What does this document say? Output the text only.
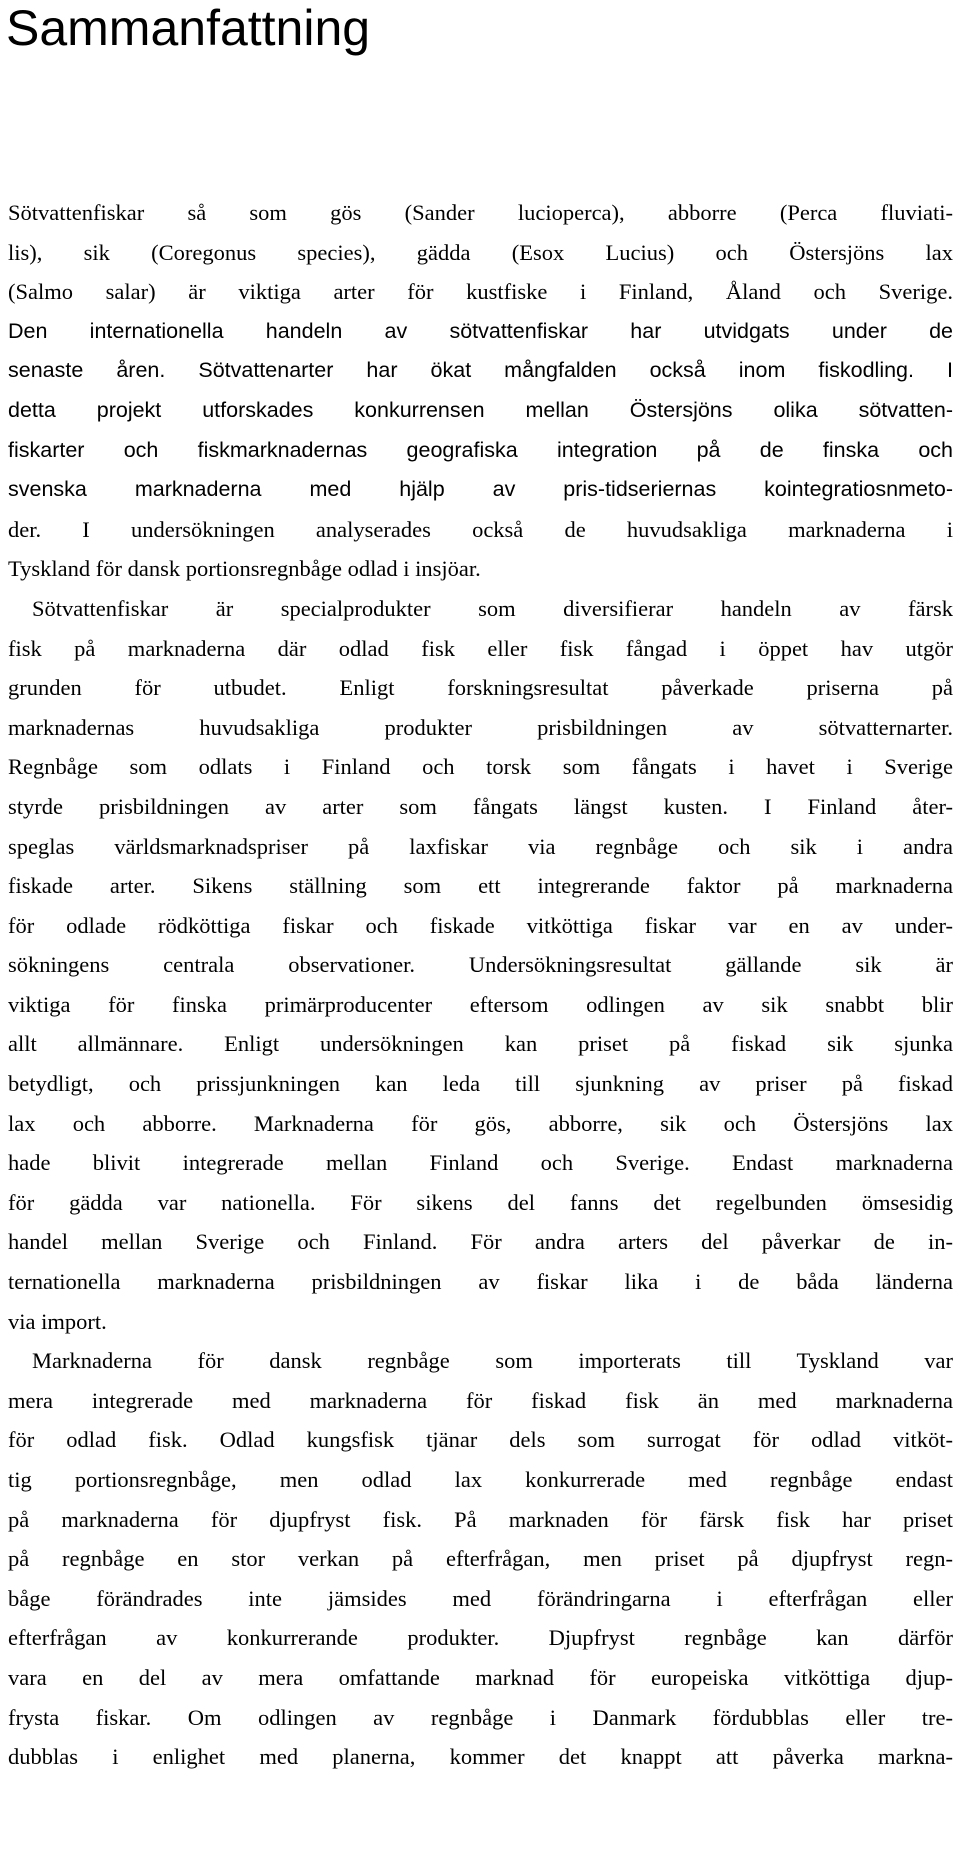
Sammanfattning
Sötvattenfiskar så som gös (Sander lucioperca), abborre (Perca fluviati-
lis), sik (Coregonus species), gädda (Esox Lucius) och Östersjöns lax
(Salmo salar) är viktiga arter för kustfiske i Finland, Åland och Sverige.
Den internationella handeln av sötvattenfiskar har utvidgats under de
senaste åren. Sötvattenarter har ökat mångfalden också inom fiskodling. I
detta projekt utforskades konkurrensen mellan Östersjöns olika sötvatten-
fiskarter och fiskmarknadernas geografiska integration på de finska och
svenska marknaderna med hjälp av pris-tidseriernas kointegratiosnmeto-
der. I undersökningen analyserades också de huvudsakliga marknaderna i
Tyskland för dansk portionsregnbåge odlad i insjöar.
Sötvattenfiskar är specialprodukter som diversifierar handeln av färsk
fisk på marknaderna där odlad fisk eller fisk fångad i öppet hav utgör
grunden för utbudet. Enligt forskningsresultat påverkade priserna på
marknadernas huvudsakliga produkter prisbildningen av sötvatternarter.
Regnbåge som odlats i Finland och torsk som fångats i havet i Sverige
styrde prisbildningen av arter som fångats längst kusten. I Finland åter-
speglas världsmarknadspriser på laxfiskar via regnbåge och sik i andra
fiskade arter. Sikens ställning som ett integrerande faktor på marknaderna
för odlade rödköttiga fiskar och fiskade vitköttiga fiskar var en av under-
sökningens centrala observationer. Undersökningsresultat gällande sik är
viktiga för finska primärproducenter eftersom odlingen av sik snabbt blir
allt allmännare. Enligt undersökningen kan priset på fiskad sik sjunka
betydligt, och prissjunkningen kan leda till sjunkning av priser på fiskad
lax och abborre. Marknaderna för gös, abborre, sik och Östersjöns lax
hade blivit integrerade mellan Finland och Sverige. Endast marknaderna
för gädda var nationella. För sikens del fanns det regelbunden ömsesidig
handel mellan Sverige och Finland. För andra arters del påverkar de in-
ternationella marknaderna prisbildningen av fiskar lika i de båda länderna
via import.
Marknaderna för dansk regnbåge som importerats till Tyskland var
mera integrerade med marknaderna för fiskad fisk än med marknaderna
för odlad fisk. Odlad kungsfisk tjänar dels som surrogat för odlad vitköt-
tig portionsregnbåge, men odlad lax konkurrerade med regnbåge endast
på marknaderna för djupfryst fisk. På marknaden för färsk fisk har priset
på regnbåge en stor verkan på efterfrågan, men priset på djupfryst regn-
båge förändrades inte jämsides med förändringarna i efterfrågan eller
efterfrågan av konkurrerande produkter. Djupfryst regnbåge kan därför
vara en del av mera omfattande marknad för europeiska vitköttiga djup-
frysta fiskar. Om odlingen av regnbåge i Danmark fördubblas eller tre-
dubblas i enlighet med planerna, kommer det knappt att påverka markna-
